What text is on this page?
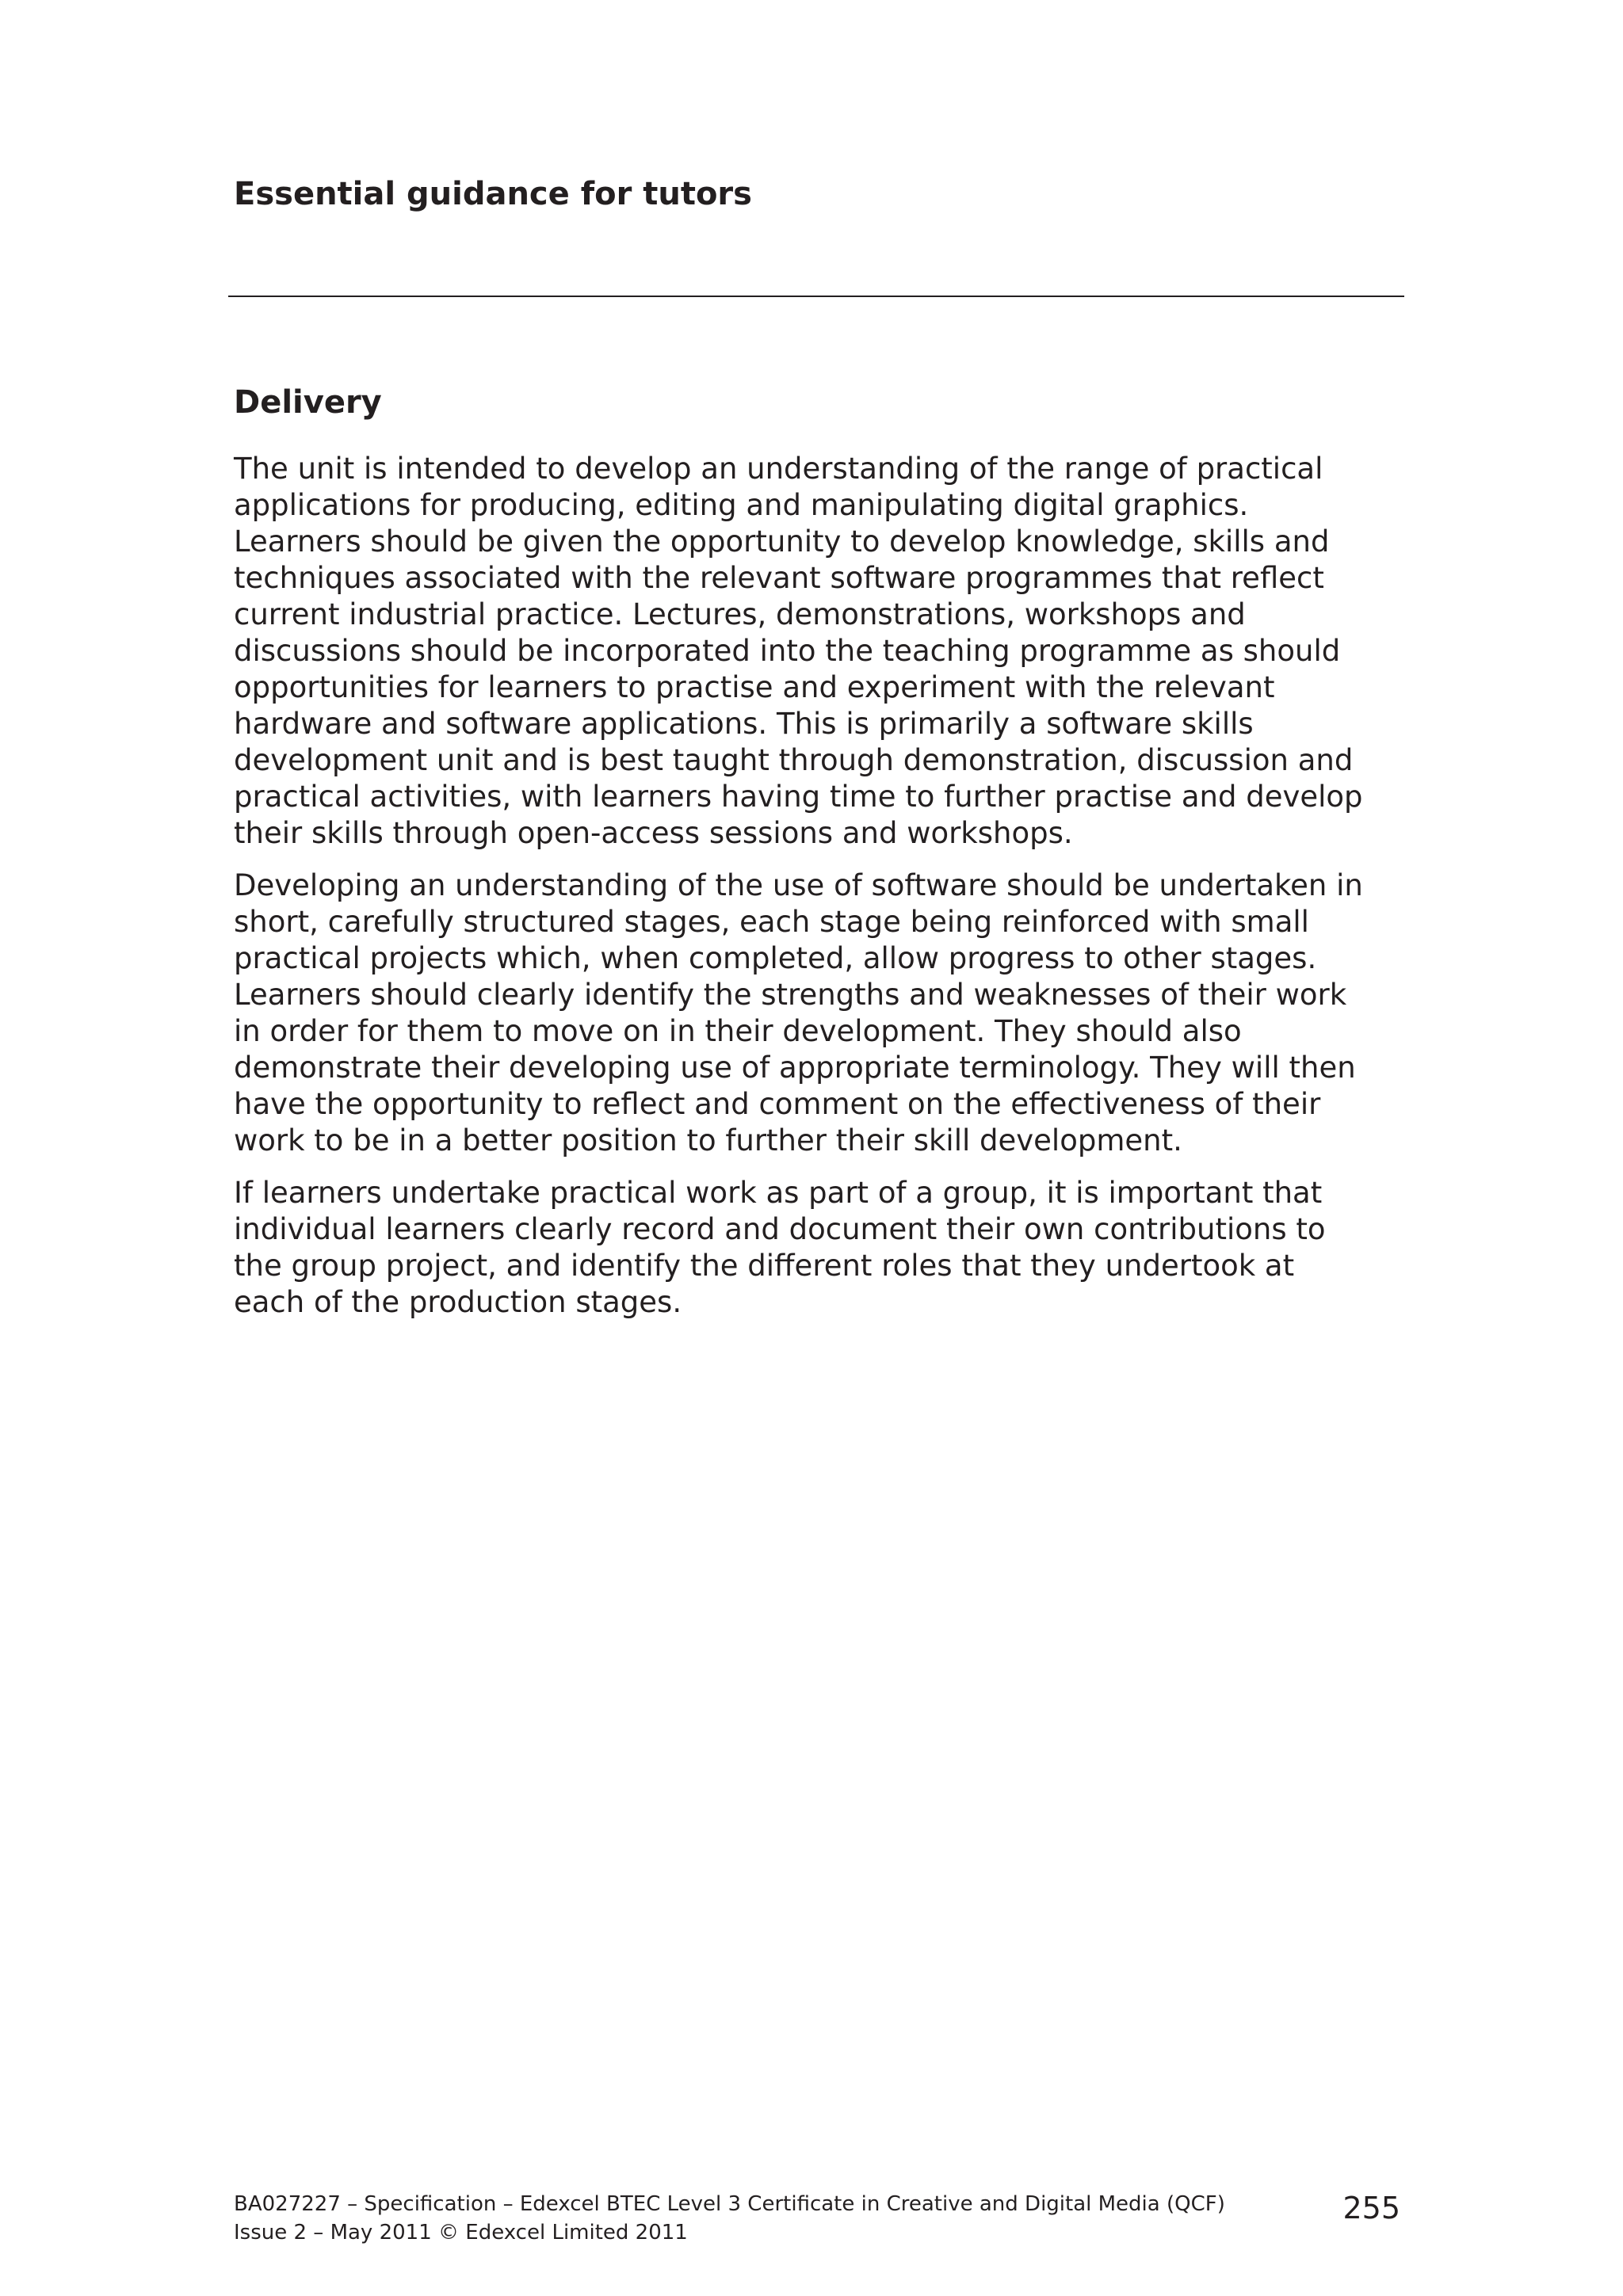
Essential guidance for tutors
Delivery

The unit is intended to develop an understanding of the range of practical
applications for producing, editing and manipulating digital graphics.
Learners should be given the opportunity to develop knowledge, skills and
techniques associated with the relevant software programmes that reflect
current industrial practice. Lectures, demonstrations, workshops and
discussions should be incorporated into the teaching programme as should
opportunities for learners to practise and experiment with the relevant
hardware and software applications. This is primarily a software skills
development unit and is best taught through demonstration, discussion and
practical activities, with learners having time to further practise and develop
their skills through open-access sessions and workshops.

Developing an understanding of the use of software should be undertaken in
short, carefully structured stages, each stage being reinforced with small
practical projects which, when completed, allow progress to other stages.
Learners should clearly identify the strengths and weaknesses of their work
in order for them to move on in their development. They should also
demonstrate their developing use of appropriate terminology. They will then
have the opportunity to reflect and comment on the effectiveness of their
work to be in a better position to further their skill development.

If learners undertake practical work as part of a group, it is important that
individual learners clearly record and document their own contributions to
the group project, and identify the different roles that they undertook at
each of the production stages.

BA027227 – Specification – Edexcel BTEC Level 3 Certificate in Creative and Digital Media (QCF)
Issue 2 – May 2011 © Edexcel Limited 2011
255
